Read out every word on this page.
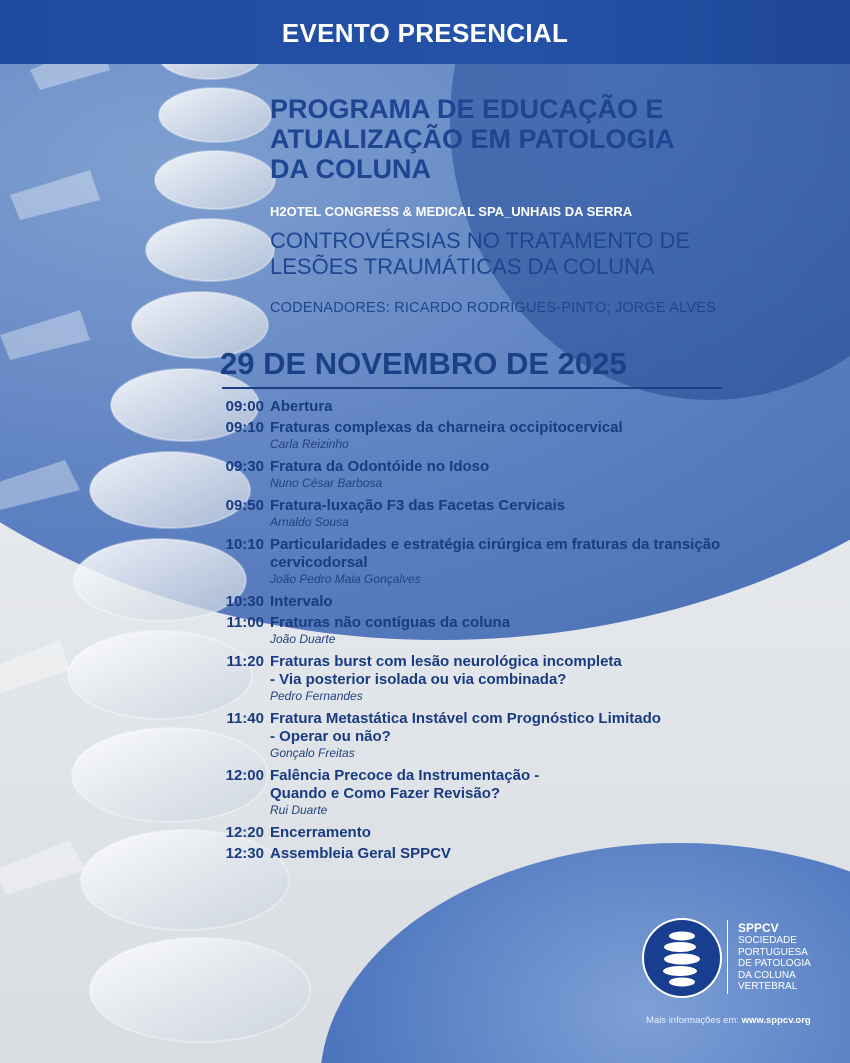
EVENTO PRESENCIAL
PROGRAMA DE EDUCAÇÃO E
ATUALIZAÇÃO EM PATOLOGIA
DA COLUNA
H2OTEL CONGRESS & MEDICAL SPA_UNHAIS DA SERRA
CONTROVÉRSIAS NO TRATAMENTO DE
LESÕES TRAUMÁTICAS DA COLUNA
CODENADORES: RICARDO RODRIGUES-PINTO; JORGE ALVES
29 DE NOVEMBRO DE 2025
09:00 Abertura
09:10 Fraturas complexas da charneira occipitocervical
Carla Reizinho
09:30 Fratura da Odontóide no Idoso
Nuno César Barbosa
09:50 Fratura-luxação F3 das Facetas Cervicais
Arnaldo Sousa
10:10 Particularidades e estratégia cirúrgica em fraturas da transição
cervicodorsal
João Pedro Maia Gonçalves
10:30 Intervalo
11:00 Fraturas não contíguas da coluna
João Duarte
11:20 Fraturas burst com lesão neurológica incompleta
- Via posterior isolada ou via combinada?
Pedro Fernandes
11:40 Fratura Metastática Instável com Prognóstico Limitado
- Operar ou não?
Gonçalo Freitas
12:00 Falência Precoce da Instrumentação -
Quando e Como Fazer Revisão?
Rui Duarte
12:20 Encerramento
12:30 Assembleia Geral SPPCV
SPPCV
SOCIEDADE
PORTUGUESA
DE PATOLOGIA
DA COLUNA
VERTEBRAL
Mais informações em: www.sppcv.org
